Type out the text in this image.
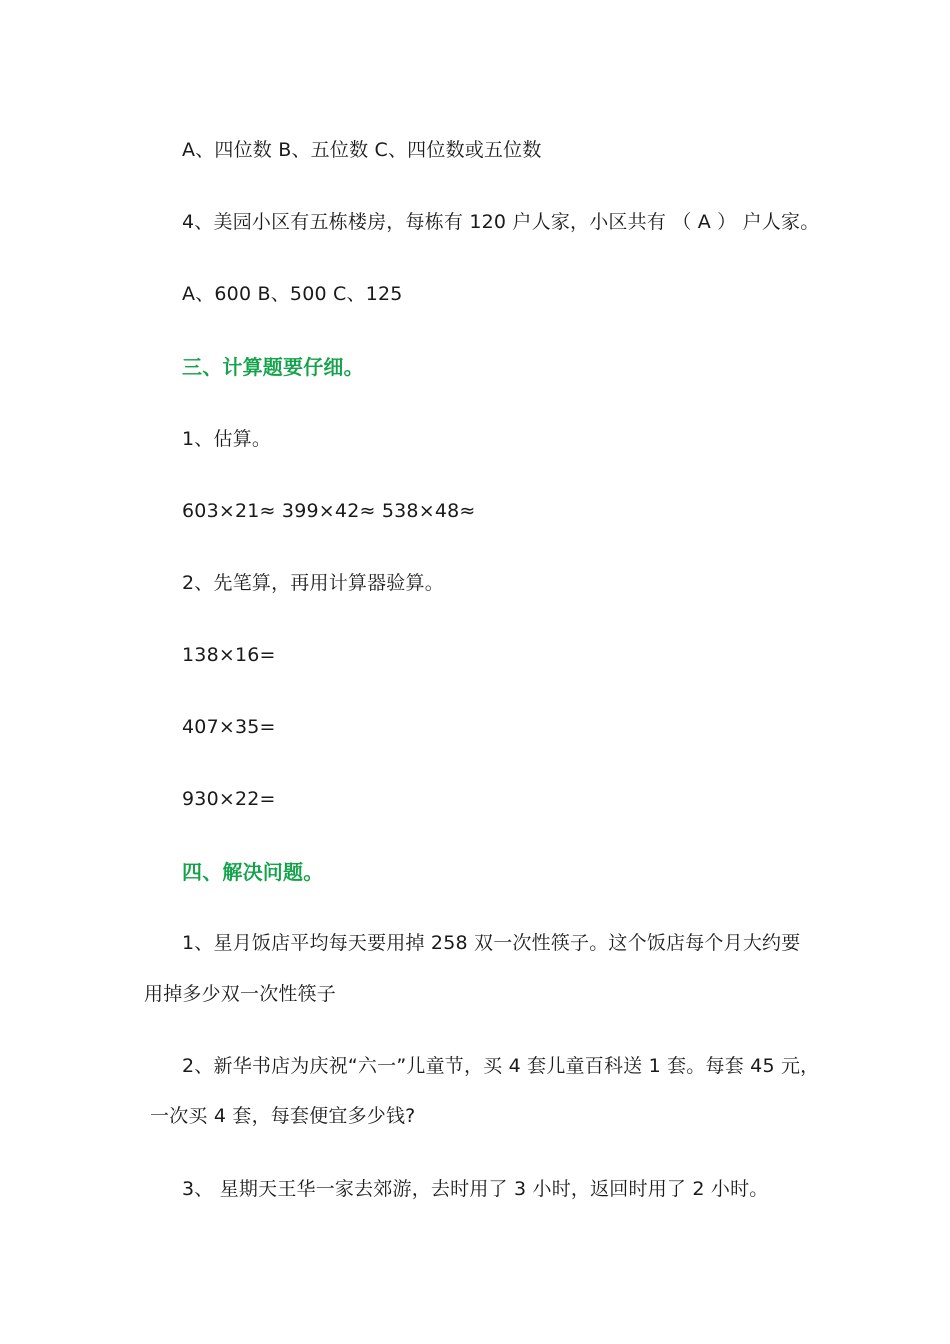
A、四位数 B、五位数 C、四位数或五位数
4、美园小区有五栋楼房，每栋有 120 户人家，小区共有 （ A ） 户人家。
A、600 B、500 C、125
三、计算题要仔细。
1、估算。
603×21≈ 399×42≈ 538×48≈
2、先笔算，再用计算器验算。
138×16=
407×35=
930×22=
四、解决问题。
1、星月饭店平均每天要用掉 258 双一次性筷子。这个饭店每个月大约要
用掉多少双一次性筷子
2、新华书店为庆祝“六一”儿童节，买 4 套儿童百科送 1 套。每套 45 元，
一次买 4 套，每套便宜多少钱?
3、 星期天王华一家去郊游，去时用了 3 小时，返回时用了 2 小时。
